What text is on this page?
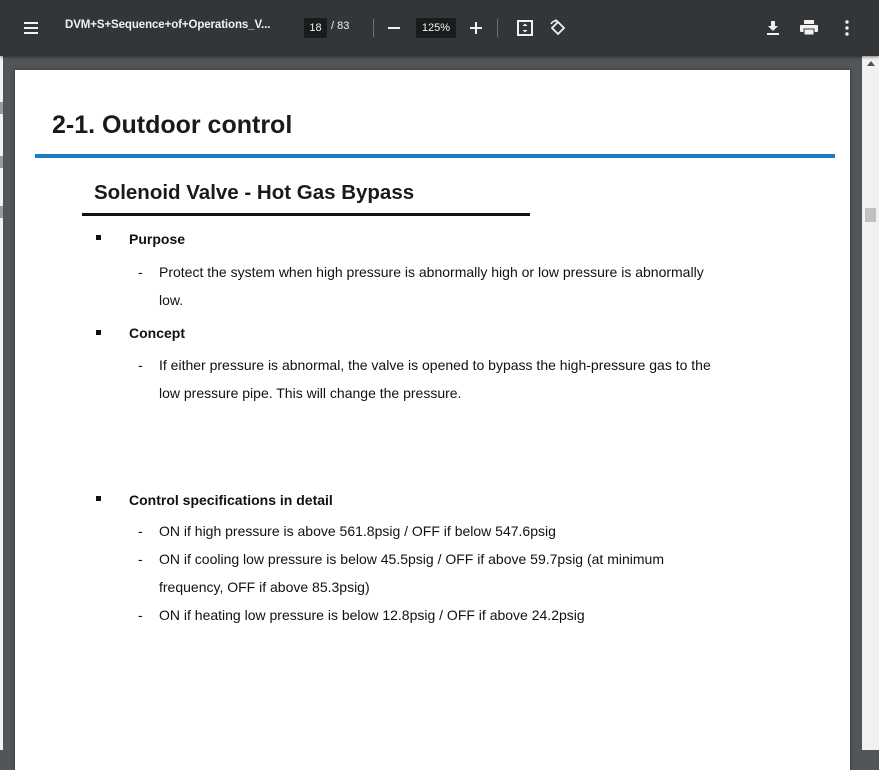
DVM+S+Sequence+of+Operations_V...	18 / 83	125%
2-1. Outdoor control
Solenoid Valve - Hot Gas Bypass
Purpose
- Protect the system when high pressure is abnormally high or low pressure is abnormally
low.
Concept
- If either pressure is abnormal, the valve is opened to bypass the high-pressure gas to the
low pressure pipe. This will change the pressure.
Control specifications in detail
- ON if high pressure is above 561.8psig / OFF if below 547.6psig
- ON if cooling low pressure is below 45.5psig / OFF if above 59.7psig (at minimum
frequency, OFF if above 85.3psig)
- ON if heating low pressure is below 12.8psig / OFF if above 24.2psig
